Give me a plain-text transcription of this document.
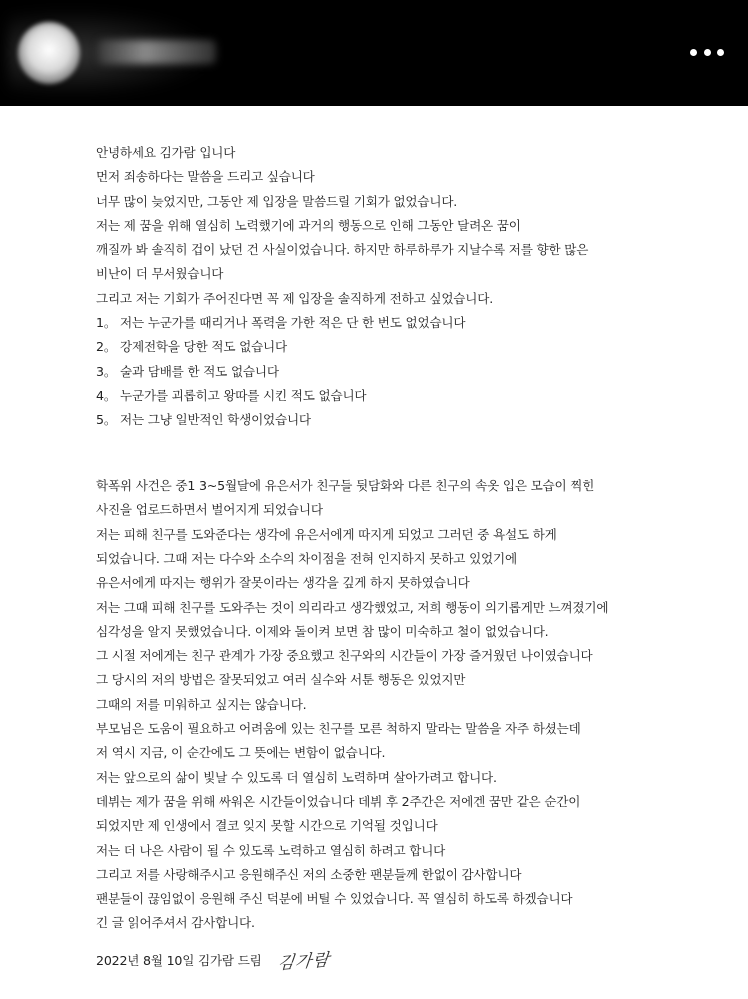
안녕하세요 김가람 입니다

먼저 죄송하다는 말씀을 드리고 싶습니다

너무 많이 늦었지만, 그동안 제 입장을 말씀드릴 기회가 없었습니다.

저는 제 꿈을 위해 열심히 노력했기에 과거의 행동으로 인해 그동안 달려온 꿈이

깨질까 봐 솔직히 겁이 났던 건 사실이었습니다. 하지만 하루하루가 지날수록 저를 향한 많은

비난이 더 무서웠습니다

그리고 저는 기회가 주어진다면 꼭 제 입장을 솔직하게 전하고 싶었습니다.

1。 저는 누군가를 때리거나 폭력을 가한 적은 단 한 번도 없었습니다

2。 강제전학을 당한 적도 없습니다

3。 술과 담배를 한 적도 없습니다

4。 누군가를 괴롭히고 왕따를 시킨 적도 없습니다

5。 저는 그냥 일반적인 학생이었습니다

학폭위 사건은 중1 3~5월달에 유은서가 친구들 뒷담화와 다른 친구의 속옷 입은 모습이 찍힌

사진을 업로드하면서 벌어지게 되었습니다

저는 피해 친구를 도와준다는 생각에 유은서에게 따지게 되었고 그러던 중 욕설도 하게

되었습니다. 그때 저는 다수와 소수의 차이점을 전혀 인지하지 못하고 있었기에

유은서에게 따지는 행위가 잘못이라는 생각을 깊게 하지 못하였습니다

저는 그때 피해 친구를 도와주는 것이 의리라고 생각했었고, 저희 행동이 의기롭게만 느껴졌기에

심각성을 알지 못했었습니다. 이제와 돌이켜 보면 참 많이 미숙하고 철이 없었습니다.

그 시절 저에게는 친구 관계가 가장 중요했고 친구와의 시간들이 가장 즐거웠던 나이였습니다

그 당시의 저의 방법은 잘못되었고 여러 실수와 서툰 행동은 있었지만

그때의 저를 미워하고 싶지는 않습니다.

부모님은 도움이 필요하고 어려움에 있는 친구를 모른 척하지 말라는 말씀을 자주 하셨는데

저 역시 지금, 이 순간에도 그 뜻에는 변함이 없습니다.

저는 앞으로의 삶이 빛날 수 있도록 더 열심히 노력하며 살아가려고 합니다.

데뷔는 제가 꿈을 위해 싸워온 시간들이었습니다 데뷔 후 2주간은 저에겐 꿈만 같은 순간이

되었지만 제 인생에서 결코 잊지 못할 시간으로 기억될 것입니다

저는 더 나은 사람이 될 수 있도록 노력하고 열심히 하려고 합니다

그리고 저를 사랑해주시고 응원해주신 저의 소중한 팬분들께 한없이 감사합니다

팬분들이 끊임없이 응원해 주신 덕분에 버틸 수 있었습니다. 꼭 열심히 하도록 하겠습니다

긴 글 읽어주셔서 감사합니다.

2022년 8월 10일 김가람 드림 김가람
